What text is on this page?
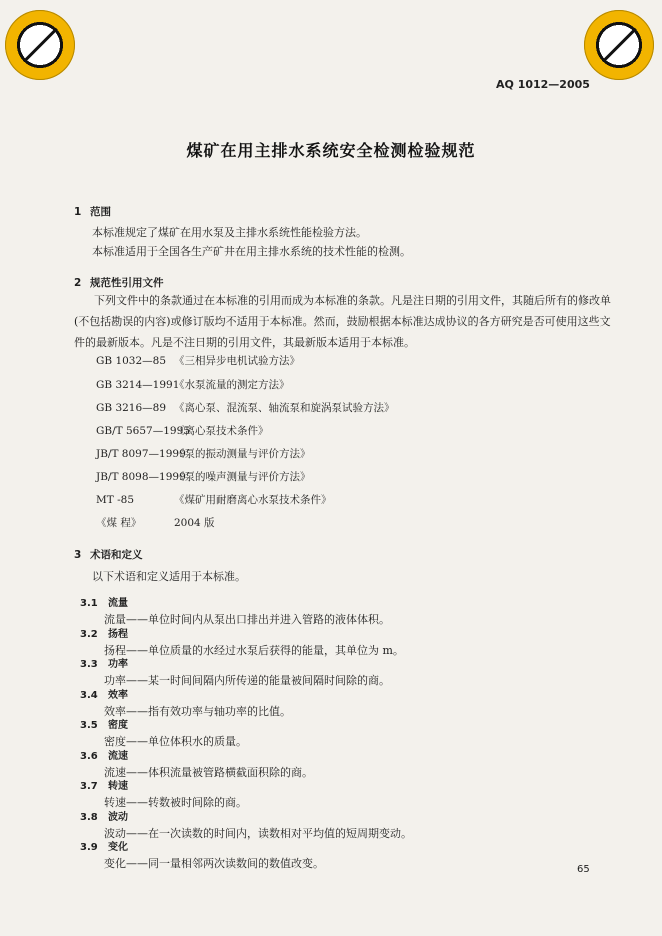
AQ 1012—2005
煤矿在用主排水系统安全检测检验规范
1 范围
本标准规定了煤矿在用水泵及主排水系统性能检验方法。
本标准适用于全国各生产矿井在用主排水系统的技术性能的检测。
2 规范性引用文件
下列文件中的条款通过在本标准的引用而成为本标准的条款。凡是注日期的引用文件，其随后所有的修改单(不包括勘误的内容)或修订版均不适用于本标准。然而，鼓励根据本标准达成协议的各方研究是否可使用这些文件的最新版本。凡是不注日期的引用文件，其最新版本适用于本标准。
GB 1032—85 《三相异步电机试验方法》
GB 3214—1991《水泵流量的测定方法》
GB 3216—89 《离心泵、混流泵、轴流泵和旋涡泵试验方法》
GB/T 5657—1995《离心泵技术条件》
JB/T 8097—1999《泵的振动测量与评价方法》
JB/T 8098—1999《泵的噪声测量与评价方法》
MT -85	《煤矿用耐磨离心水泵技术条件》
《煤 程》	2004 版
3 术语和定义
以下术语和定义适用于本标准。
3.1 流量
流量——单位时间内从泵出口排出并进入管路的液体体积。
3.2 扬程
扬程——单位质量的水经过水泵后获得的能量，其单位为 m。
3.3 功率
功率——某一时间间隔内所传递的能量被间隔时间除的商。
3.4 效率
效率——指有效功率与轴功率的比值。
3.5 密度
密度——单位体积水的质量。
3.6 流速
流速——体积流量被管路横截面积除的商。
3.7 转速
转速——转数被时间除的商。
3.8 波动
波动——在一次读数的时间内，读数相对平均值的短周期变动。
3.9 变化
65
变化——同一量相邻两次读数间的数值改变。
